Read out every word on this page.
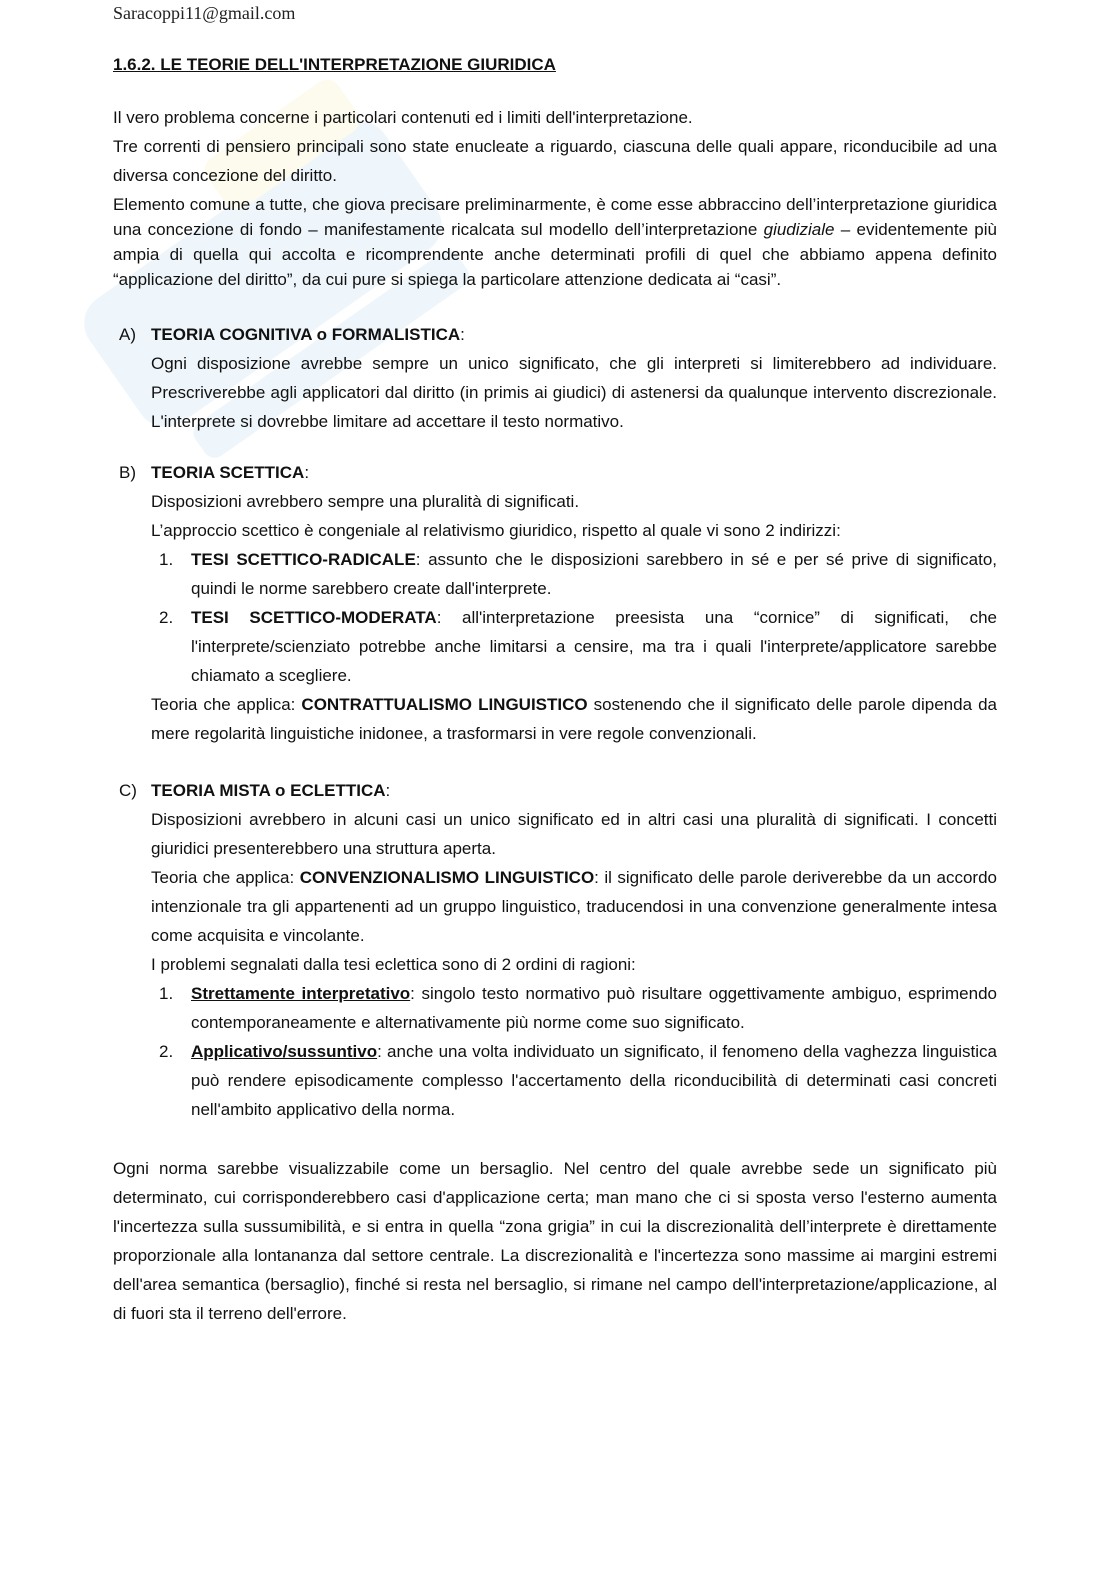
Saracoppi11@gmail.com

1.6.2. LE TEORIE DELL'INTERPRETAZIONE GIURIDICA

Il vero problema concerne i particolari contenuti ed i limiti dell'interpretazione.

Tre correnti di pensiero principali sono state enucleate a riguardo, ciascuna delle quali appare, riconducibile ad una diversa concezione del diritto.

Elemento comune a tutte, che giova precisare preliminarmente, è come esse abbraccino dell’interpretazione giuridica una concezione di fondo – manifestamente ricalcata sul modello dell’interpretazione giudiziale – evidentemente più ampia di quella qui accolta e ricomprendente anche determinati profili di quel che abbiamo appena definito “applicazione del diritto”, da cui pure si spiega la particolare attenzione dedicata ai “casi”.

A) TEORIA COGNITIVA o FORMALISTICA:

Ogni disposizione avrebbe sempre un unico significato, che gli interpreti si limiterebbero ad individuare. Prescriverebbe agli applicatori dal diritto (in primis ai giudici) di astenersi da qualunque intervento discrezionale. L'interprete si dovrebbe limitare ad accettare il testo normativo.

B) TEORIA SCETTICA:

Disposizioni avrebbero sempre una pluralità di significati.

L’approccio scettico è congeniale al relativismo giuridico, rispetto al quale vi sono 2 indirizzi:

1. TESI SCETTICO-RADICALE: assunto che le disposizioni sarebbero in sé e per sé prive di significato, quindi le norme sarebbero create dall'interprete.
2. TESI SCETTICO-MODERATA: all'interpretazione preesista una “cornice” di significati, che l'interprete/scienziato potrebbe anche limitarsi a censire, ma tra i quali l'interprete/applicatore sarebbe chiamato a scegliere.

Teoria che applica: CONTRATTUALISMO LINGUISTICO sostenendo che il significato delle parole dipenda da mere regolarità linguistiche inidonee, a trasformarsi in vere regole convenzionali.

C) TEORIA MISTA o ECLETTICA:

Disposizioni avrebbero in alcuni casi un unico significato ed in altri casi una pluralità di significati. I concetti giuridici presenterebbero una struttura aperta.

Teoria che applica: CONVENZIONALISMO LINGUISTICO: il significato delle parole deriverebbe da un accordo intenzionale tra gli appartenenti ad un gruppo linguistico, traducendosi in una convenzione generalmente intesa come acquisita e vincolante.

I problemi segnalati dalla tesi eclettica sono di 2 ordini di ragioni:

1. Strettamente interpretativo: singolo testo normativo può risultare oggettivamente ambiguo, esprimendo contemporaneamente e alternativamente più norme come suo significato.
2. Applicativo/sussuntivo: anche una volta individuato un significato, il fenomeno della vaghezza linguistica può rendere episodicamente complesso l'accertamento della riconducibilità di determinati casi concreti nell'ambito applicativo della norma.

Ogni norma sarebbe visualizzabile come un bersaglio. Nel centro del quale avrebbe sede un significato più determinato, cui corrisponderebbero casi d'applicazione certa; man mano che ci si sposta verso l'esterno aumenta l'incertezza sulla sussumibilità, e si entra in quella “zona grigia” in cui la discrezionalità dell’interprete è direttamente proporzionale alla lontananza dal settore centrale. La discrezionalità e l'incertezza sono massime ai margini estremi dell'area semantica (bersaglio), finché si resta nel bersaglio, si rimane nel campo dell'interpretazione/applicazione, al di fuori sta il terreno dell'errore.
